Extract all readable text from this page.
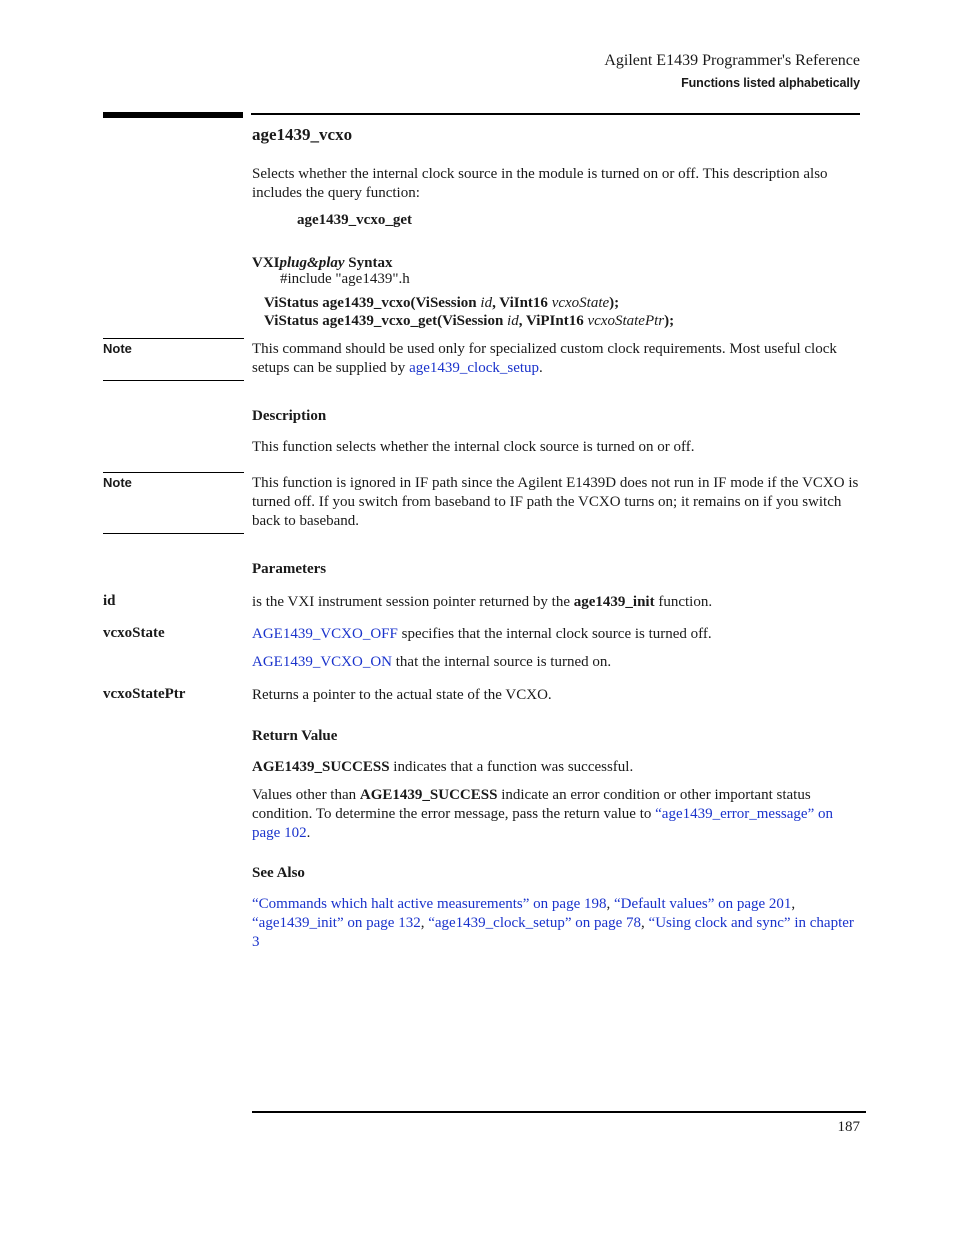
Agilent E1439 Programmer's Reference
Functions listed alphabetically
age1439_vcxo
Selects whether the internal clock source in the module is turned on or off. This description also includes the query function:
age1439_vcxo_get
VXIplug&play Syntax
#include "age1439".h
ViStatus age1439_vcxo(ViSession id, ViInt16 vcxoState);
ViStatus age1439_vcxo_get(ViSession id, ViPInt16 vcxoStatePtr);
Note	This command should be used only for specialized custom clock requirements. Most useful clock setups can be supplied by age1439_clock_setup.
Description
This function selects whether the internal clock source is turned on or off.
Note	This function is ignored in IF path since the Agilent E1439D does not run in IF mode if the VCXO is turned off. If you switch from baseband to IF path the VCXO turns on; it remains on if you switch back to baseband.
Parameters
id	is the VXI instrument session pointer returned by the age1439_init function.
vcxoState	AGE1439_VCXO_OFF specifies that the internal clock source is turned off.
AGE1439_VCXO_ON that the internal source is turned on.
vcxoStatePtr	Returns a pointer to the actual state of the VCXO.
Return Value
AGE1439_SUCCESS indicates that a function was successful.
Values other than AGE1439_SUCCESS indicate an error condition or other important status condition. To determine the error message, pass the return value to “age1439_error_message” on page 102.
See Also
“Commands which halt active measurements” on page 198, “Default values” on page 201, “age1439_init” on page 132, “age1439_clock_setup” on page 78, “Using clock and sync” in chapter 3
187
